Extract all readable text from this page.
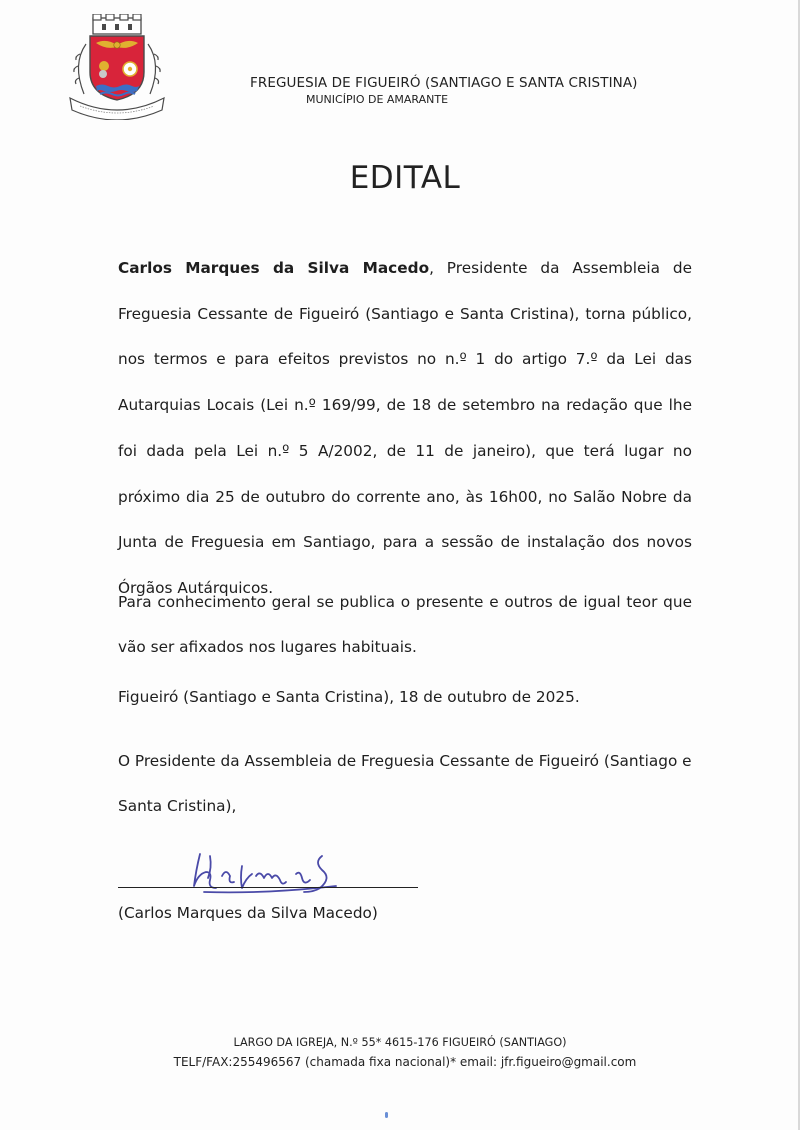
FREGUESIA DE FIGUEIRÓ (SANTIAGO E SANTA CRISTINA)
MUNICÍPIO DE AMARANTE
EDITAL
Carlos Marques da Silva Macedo, Presidente da Assembleia de Freguesia Cessante de Figueiró (Santiago e Santa Cristina), torna público, nos termos e para efeitos previstos no n.º 1 do artigo 7.º da Lei das Autarquias Locais (Lei n.º 169/99, de 18 de setembro na redação que lhe foi dada pela Lei n.º 5 A/2002, de 11 de janeiro), que terá lugar no próximo dia 25 de outubro do corrente ano, às 16h00, no Salão Nobre da Junta de Freguesia em Santiago, para a sessão de instalação dos novos Órgãos Autárquicos.
Para conhecimento geral se publica o presente e outros de igual teor que vão ser afixados nos lugares habituais.
Figueiró (Santiago e Santa Cristina), 18 de outubro de 2025.
O Presidente da Assembleia de Freguesia Cessante de Figueiró (Santiago e Santa Cristina),
(Carlos Marques da Silva Macedo)
LARGO DA IGREJA, N.º 55* 4615-176 FIGUEIRÓ (SANTIAGO)
TELF/FAX:255496567 (chamada fixa nacional)* email: jfr.figueiro@gmail.com
